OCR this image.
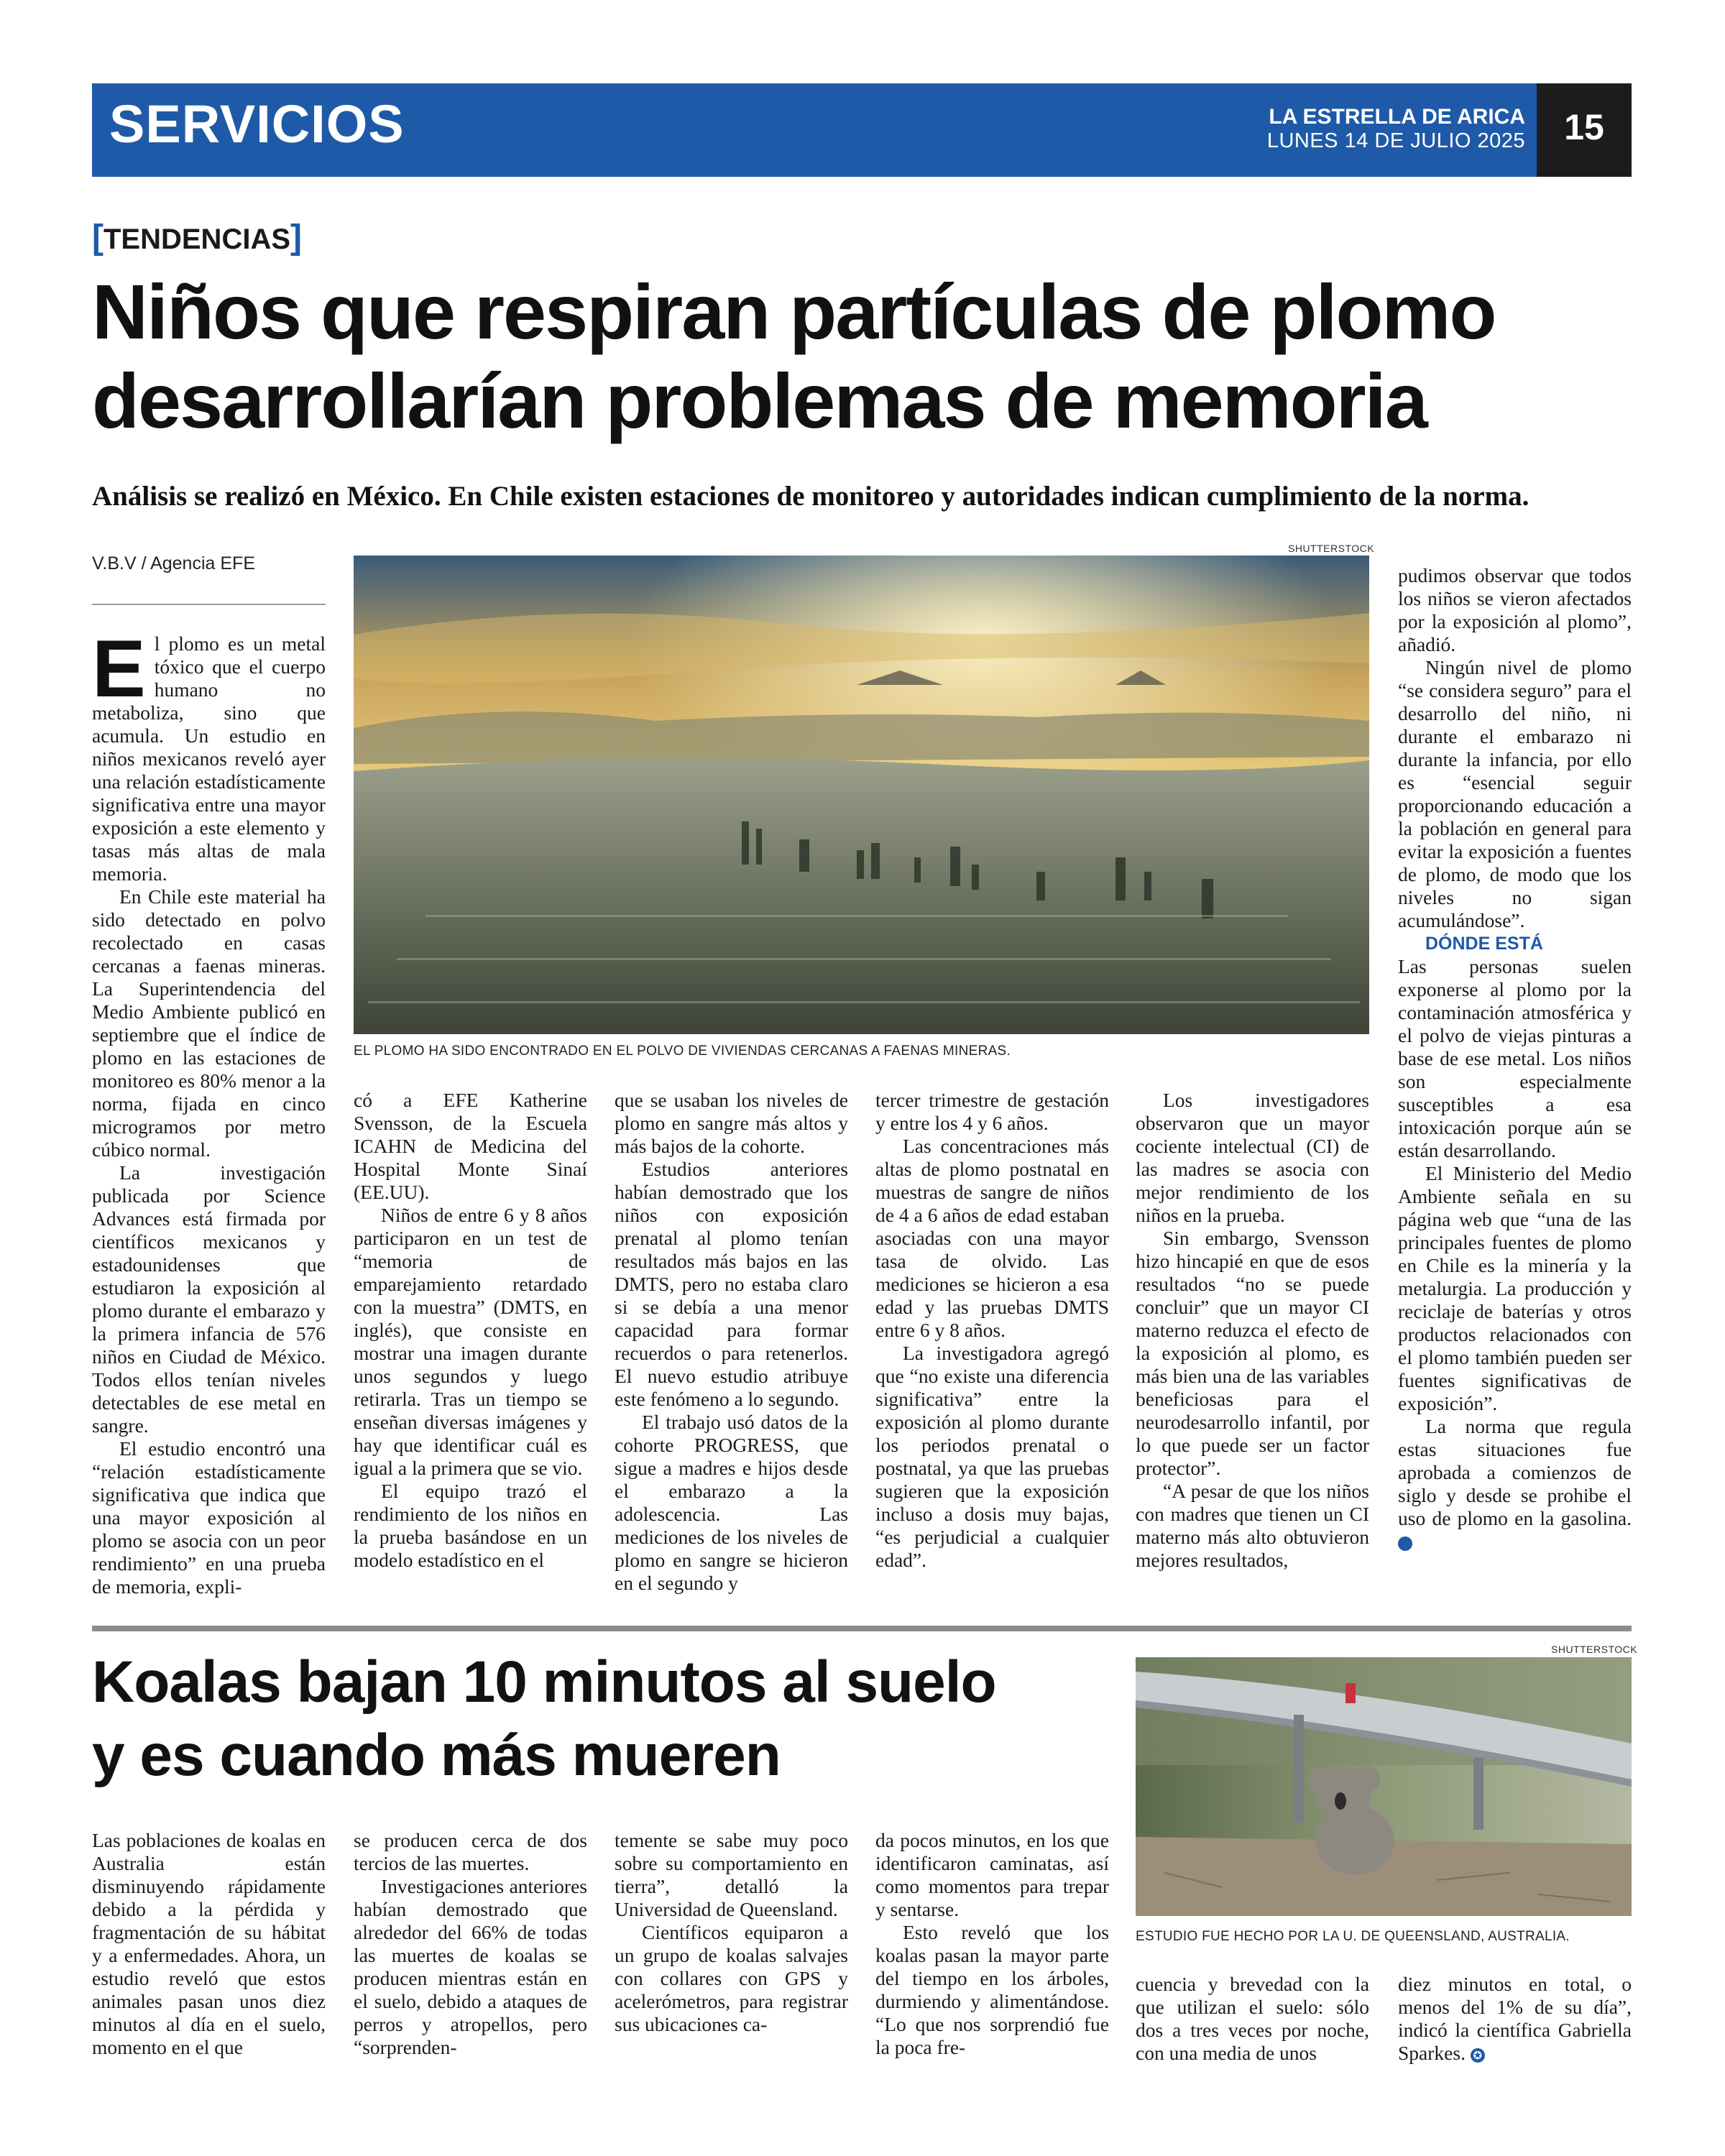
SERVICIOS	LA ESTRELLA DE ARICA
LUNES 14 DE JULIO 2025	15
[TENDENCIAS]
Niños que respiran partículas de plomo
desarrollarían problemas de memoria
Análisis se realizó en México. En Chile existen estaciones de monitoreo y autoridades indican cumplimiento de la norma.
V.B.V / Agencia EFE

El plomo es un metal tóxico que el cuerpo humano no metaboliza, sino que acumula. Un estudio en niños mexicanos reveló ayer una relación estadísticamente significativa entre una mayor exposición a este elemento y tasas más altas de mala memoria.

En Chile este material ha sido detectado en polvo recolectado en casas cercanas a faenas mineras. La Superintendencia del Medio Ambiente publicó en septiembre que el índice de plomo en las estaciones de monitoreo es 80% menor a la norma, fijada en cinco microgramos por metro cúbico normal.

La investigación publicada por Science Advances está firmada por científicos mexicanos y estadounidenses que estudiaron la exposición al plomo durante el embarazo y la primera infancia de 576 niños en Ciudad de México. Todos ellos tenían niveles detectables de ese metal en sangre.

El estudio encontró una “relación estadísticamente significativa que indica que una mayor exposición al plomo se asocia con un peor rendimiento” en una prueba de memoria, expli-

SHUTTERSTOCK
EL PLOMO HA SIDO ENCONTRADO EN EL POLVO DE VIVIENDAS CERCANAS A FAENAS MINERAS.

có a EFE Katherine Svensson, de la Escuela ICAHN de Medicina del Hospital Monte Sinaí (EE.UU).

Niños de entre 6 y 8 años participaron en un test de “memoria de emparejamiento retardado con la muestra” (DMTS, en inglés), que consiste en mostrar una imagen durante unos segundos y luego retirarla. Tras un tiempo se enseñan diversas imágenes y hay que identificar cuál es igual a la primera que se vio.

El equipo trazó el rendimiento de los niños en la prueba basándose en un modelo estadístico en el

que se usaban los niveles de plomo en sangre más altos y más bajos de la cohorte.

Estudios anteriores habían demostrado que los niños con exposición prenatal al plomo tenían resultados más bajos en las DMTS, pero no estaba claro si se debía a una menor capacidad para formar recuerdos o para retenerlos. El nuevo estudio atribuye este fenómeno a lo segundo.

El trabajo usó datos de la cohorte PROGRESS, que sigue a madres e hijos desde el embarazo a la adolescencia. Las mediciones de los niveles de plomo en sangre se hicieron en el segundo y

tercer trimestre de gestación y entre los 4 y 6 años.

Las concentraciones más altas de plomo postnatal en muestras de sangre de niños de 4 a 6 años de edad estaban asociadas con una mayor tasa de olvido. Las mediciones se hicieron a esa edad y las pruebas DMTS entre 6 y 8 años.

La investigadora agregó que “no existe una diferencia significativa” entre la exposición al plomo durante los periodos prenatal o postnatal, ya que las pruebas sugieren que la exposición incluso a dosis muy bajas, “es perjudicial a cualquier edad”.

Los investigadores observaron que un mayor cociente intelectual (CI) de las madres se asocia con mejor rendimiento de los niños en la prueba.

Sin embargo, Svensson hizo hincapié en que de esos resultados “no se puede concluir” que un mayor CI materno reduzca el efecto de la exposición al plomo, es más bien una de las variables beneficiosas para el neurodesarrollo infantil, por lo que puede ser un factor protector”.

“A pesar de que los niños con madres que tienen un CI materno más alto obtuvieron mejores resultados,

pudimos observar que todos los niños se vieron afectados por la exposición al plomo”, añadió.

Ningún nivel de plomo “se considera seguro” para el desarrollo del niño, ni durante el embarazo ni durante la infancia, por ello es “esencial seguir proporcionando educación a la población en general para evitar la exposición a fuentes de plomo, de modo que los niveles no sigan acumulándose”.

DÓNDE ESTÁ

Las personas suelen exponerse al plomo por la contaminación atmosférica y el polvo de viejas pinturas a base de ese metal. Los niños son especialmente susceptibles a esa intoxicación porque aún se están desarrollando.

El Ministerio del Medio Ambiente señala en su página web que “una de las principales fuentes de plomo en Chile es la minería y la metalurgia. La producción y reciclaje de baterías y otros productos relacionados con el plomo también pueden ser fuentes significativas de exposición”.

La norma que regula estas situaciones fue aprobada a comienzos de siglo y desde se prohibe el uso de plomo en la gasolina. ✪

Koalas bajan 10 minutos al suelo
y es cuando más mueren
SHUTTERSTOCK
ESTUDIO FUE HECHO POR LA U. DE QUEENSLAND, AUSTRALIA.

Las poblaciones de koalas en Australia están disminuyendo rápidamente debido a la pérdida y fragmentación de su hábitat y a enfermedades. Ahora, un estudio reveló que estos animales pasan unos diez minutos al día en el suelo, momento en el que

se producen cerca de dos tercios de las muertes.

Investigaciones anteriores habían demostrado que alrededor del 66% de todas las muertes de koalas se producen mientras están en el suelo, debido a ataques de perros y atropellos, pero “sorprenden-

temente se sabe muy poco sobre su comportamiento en tierra”, detalló la Universidad de Queensland.

Científicos equiparon a un grupo de koalas salvajes con collares con GPS y acelerómetros, para registrar sus ubicaciones ca-

da pocos minutos, en los que identificaron caminatas, así como momentos para trepar y sentarse.

Esto reveló que los koalas pasan la mayor parte del tiempo en los árboles, durmiendo y alimentándose. “Lo que nos sorprendió fue la poca fre-

cuencia y brevedad con la que utilizan el suelo: sólo dos a tres veces por noche, con una media de unos

diez minutos en total, o menos del 1% de su día”, indicó la científica Gabriella Sparkes. ✪
